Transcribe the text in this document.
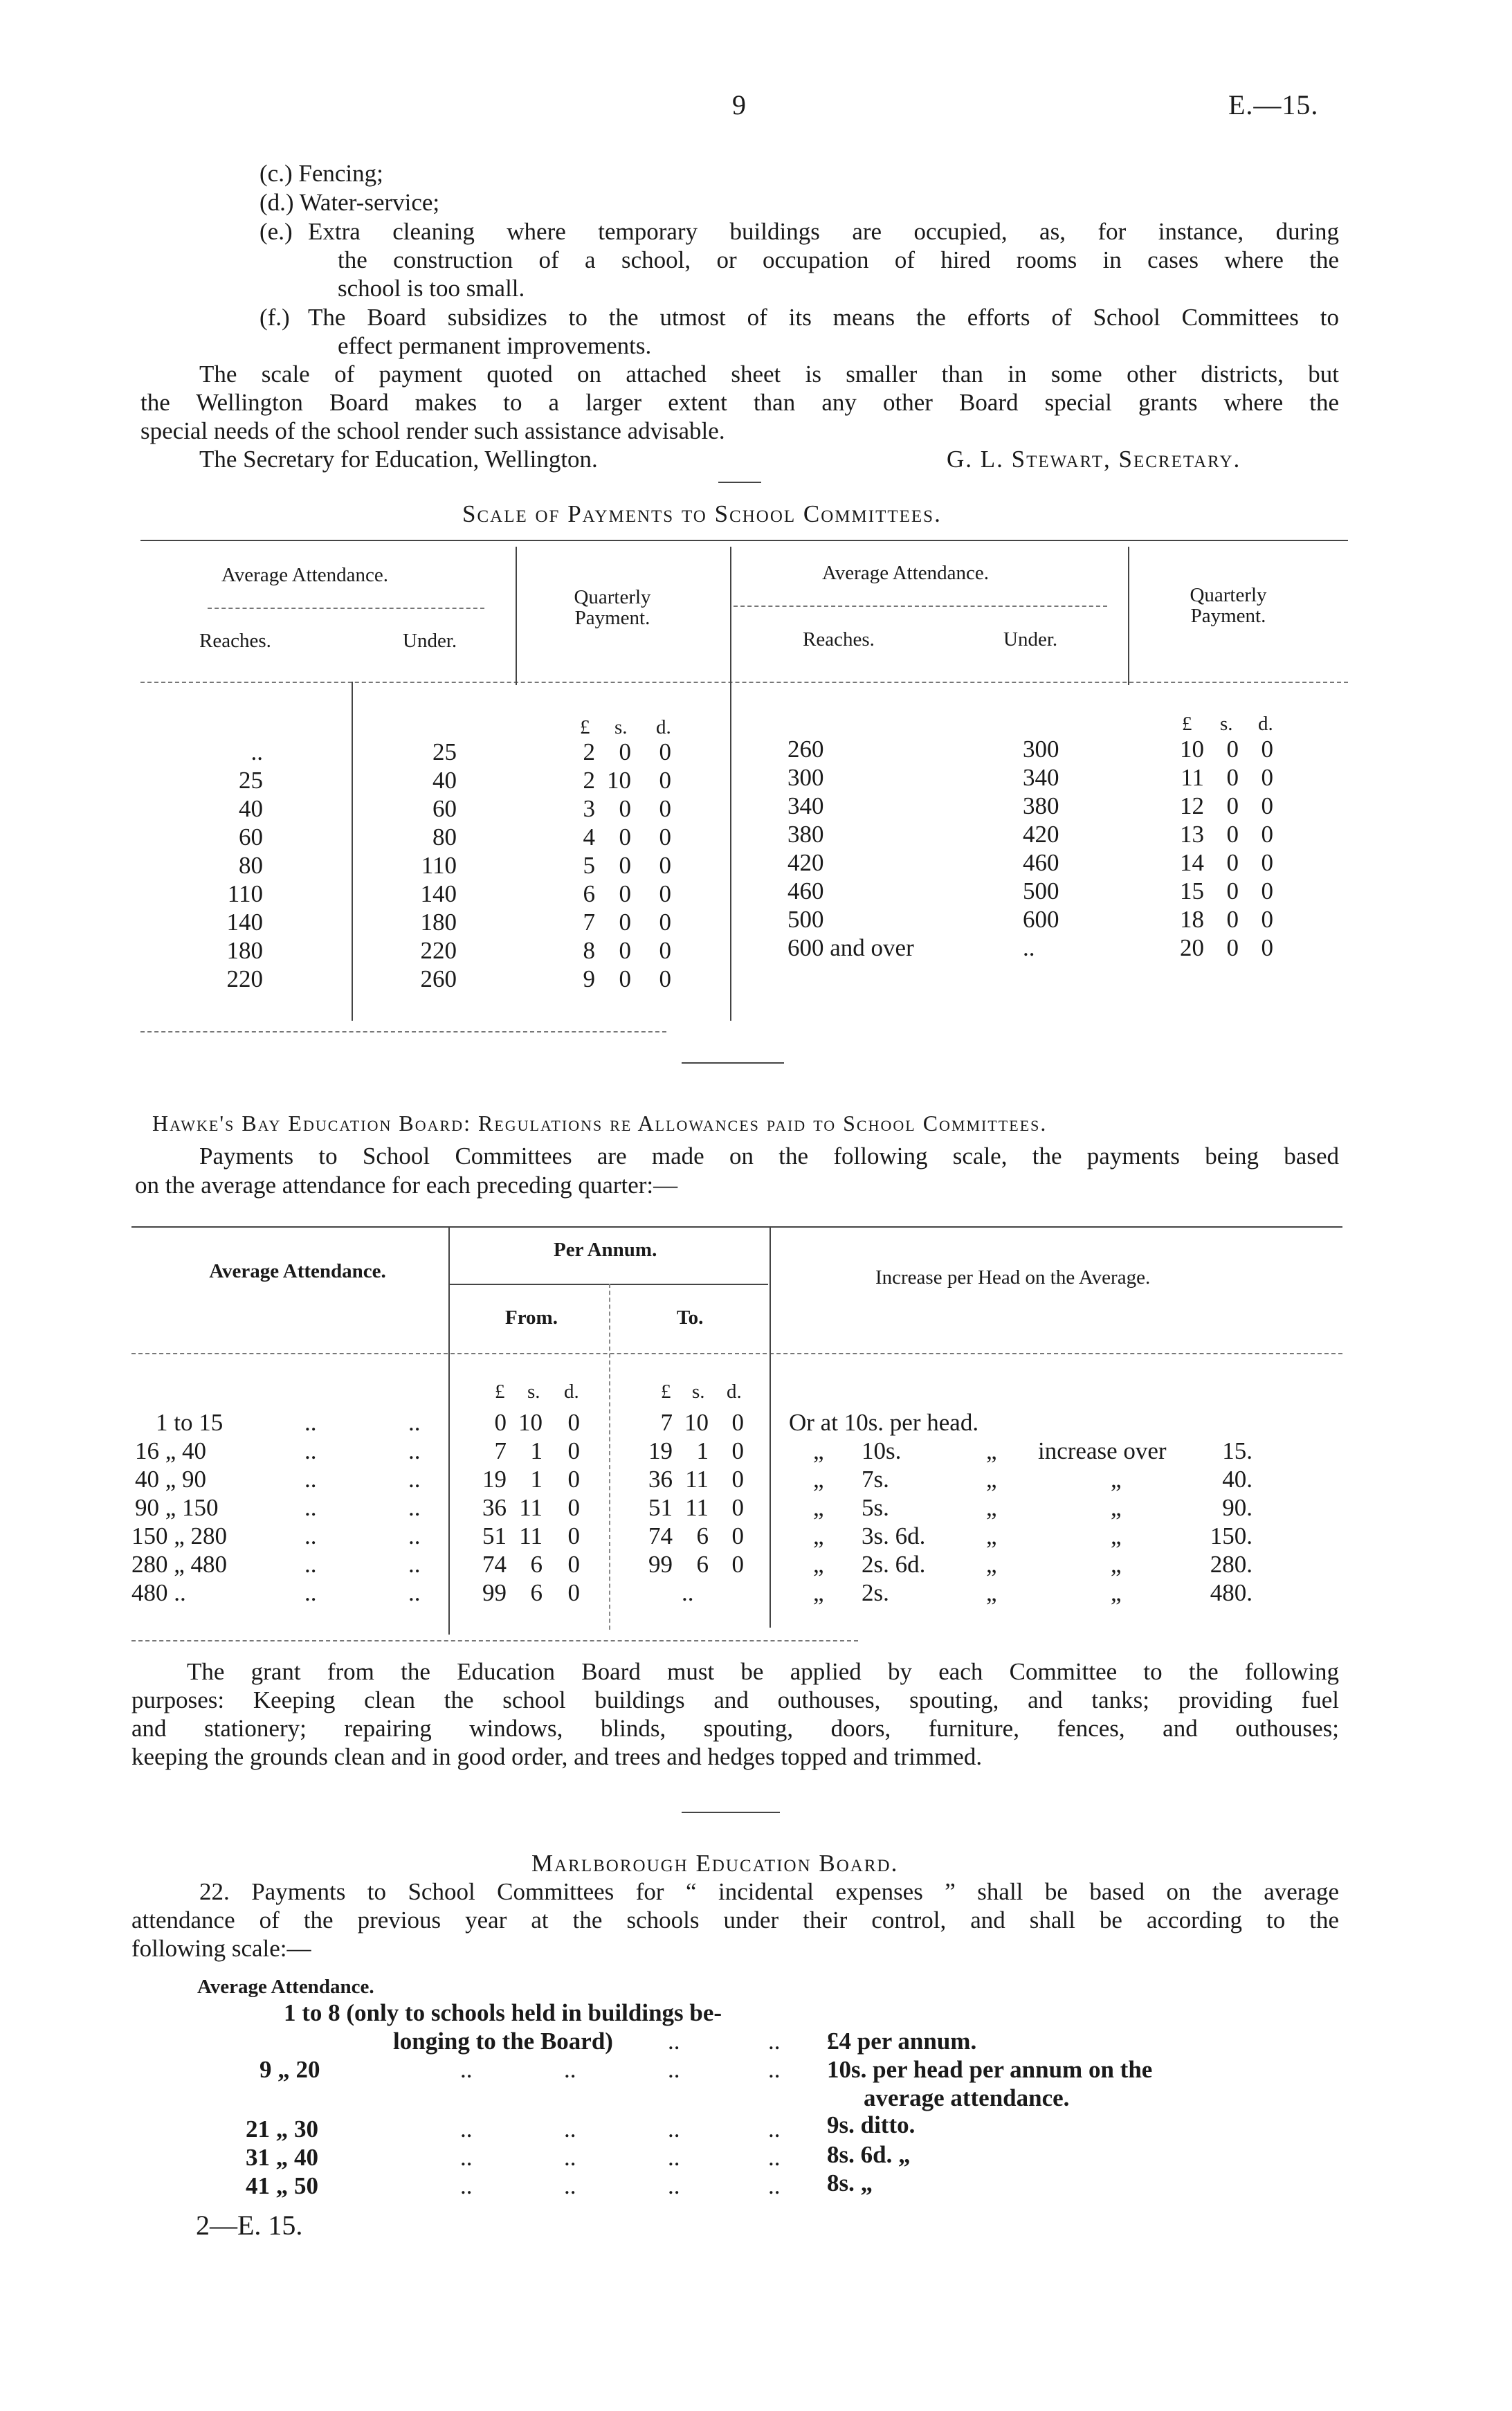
9	E.—15.
(c.) Fencing;
(d.) Water-service;
(e.) Extra cleaning where temporary buildings are occupied, as, for instance, during
the construction of a school, or occupation of hired rooms in cases where the
school is too small.
(f.) The Board subsidizes to the utmost of its means the efforts of School Committees to
effect permanent improvements.
The scale of payment quoted on attached sheet is smaller than in some other districts, but
the Wellington Board makes to a larger extent than any other Board special grants where the
special needs of the school render such assistance advisable.
The Secretary for Education, Wellington.	G. L. Stewart, Secretary.
Scale of Payments to School Committees.
Average Attendance.
Reaches.	Under.
Quarterly Payment.
Average Attendance.
Reaches.	Under.
Quarterly Payment.
£ s. d.	£ s. d.
..	25	2 0	0
25	40	2 10	0
40	60	3 0	0
60	80	4 0	0
80	110	5 0	0
110	140	6 0	0
140	180	7 0	0
180	220	8 0	0
220	260	9 0	0
260	300	10 0 0
300	340	11 0 0
340	380	12 0 0
380	420	13 0 0
420	460	14 0 0
460	500	15 0 0
500	600	18 0 0
600 and over	..	20 0 0
Hawke's Bay Education Board: Regulations re Allowances paid to School Committees.
Payments to School Committees are made on the following scale, the payments being based
on the average attendance for each preceding quarter:—
Average Attendance.
Per Annum.
From.	To.
Increase per Head on the Average.
£ s. d.	£ s. d.
1 to 15	..	..	0 10	0	7 10 0 Or at 10s. per head.
16 „ 40	..	..	7 1	0	19 1 0	„ 10s.	„ increase over	15.
40 „ 90	..	..	19 1	0	36 11 0	„ 7s.	„	„	40.
90 „ 150	..	..	36 11	0	51 11 0	„ 5s.	„	„	90.
150 „ 280	..	..	51 11	0	74 6 0	„ 3s. 6d.	„	„	150.
280 „ 480	..	..	74 6	0	99 6 0	„ 2s. 6d.	„	„	280.
480 ..	..	..	99 6	0	..	„ 2s.	„	„	480.
The grant from the Education Board must be applied by each Committee to the following
purposes: Keeping clean the school buildings and outhouses, spouting, and tanks; providing fuel
and stationery; repairing windows, blinds, spouting, doors, furniture, fences, and outhouses;
keeping the grounds clean and in good order, and trees and hedges topped and trimmed.
Marlborough Education Board.
22. Payments to School Committees for “ incidental expenses ” shall be based on the average
attendance of the previous year at the schools under their control, and shall be according to the
following scale:—
Average Attendance.
1 to 8 (only to schools held in buildings be-
longing to the Board) ..	.. £4 per annum.
9 „ 20	..	..	..	.. 10s. per head per annum on the
average attendance.
21 „ 30	..	..	..	.. 9s. ditto.
31 „ 40	..	..	..	.. 8s. 6d. „
41 „ 50	..	..	..	.. 8s. „
2—E. 15.
